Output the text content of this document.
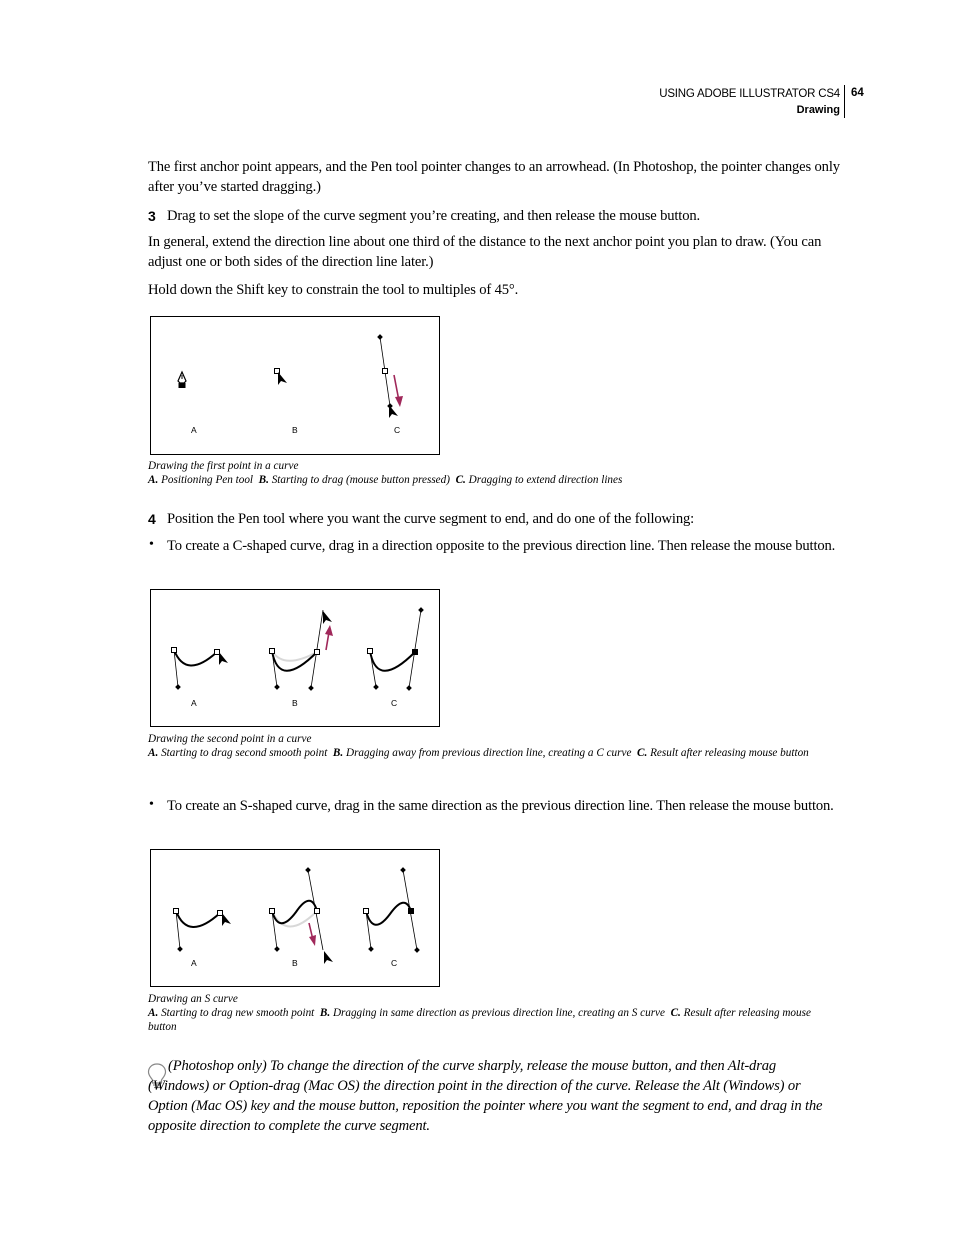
USING ADOBE ILLUSTRATOR CS4
Drawing
64

The first anchor point appears, and the Pen tool pointer changes to an arrowhead. (In Photoshop, the pointer changes only after you’ve started dragging.)

3 Drag to set the slope of the curve segment you’re creating, and then release the mouse button.

In general, extend the direction line about one third of the distance to the next anchor point you plan to draw. (You can adjust one or both sides of the direction line later.)

Hold down the Shift key to constrain the tool to multiples of 45°.

A	B	C
Drawing the first point in a curve
A. Positioning Pen tool B. Starting to drag (mouse button pressed) C. Dragging to extend direction lines
4 Position the Pen tool where you want the curve segment to end, and do one of the following:
• To create a C-shaped curve, drag in a direction opposite to the previous direction line. Then release the mouse button.
A	B	C
Drawing the second point in a curve
A. Starting to drag second smooth point B. Dragging away from previous direction line, creating a C curve C. Result after releasing mouse button
• To create an S-shaped curve, drag in the same direction as the previous direction line. Then release the mouse button.
A	B	C
Drawing an S curve
A. Starting to drag new smooth point B. Dragging in same direction as previous direction line, creating an S curve C. Result after releasing mouse button
(Photoshop only) To change the direction of the curve sharply, release the mouse button, and then Alt-drag (Windows) or Option-drag (Mac OS) the direction point in the direction of the curve. Release the Alt (Windows) or Option (Mac OS) key and the mouse button, reposition the pointer where you want the segment to end, and drag in the opposite direction to complete the curve segment.
